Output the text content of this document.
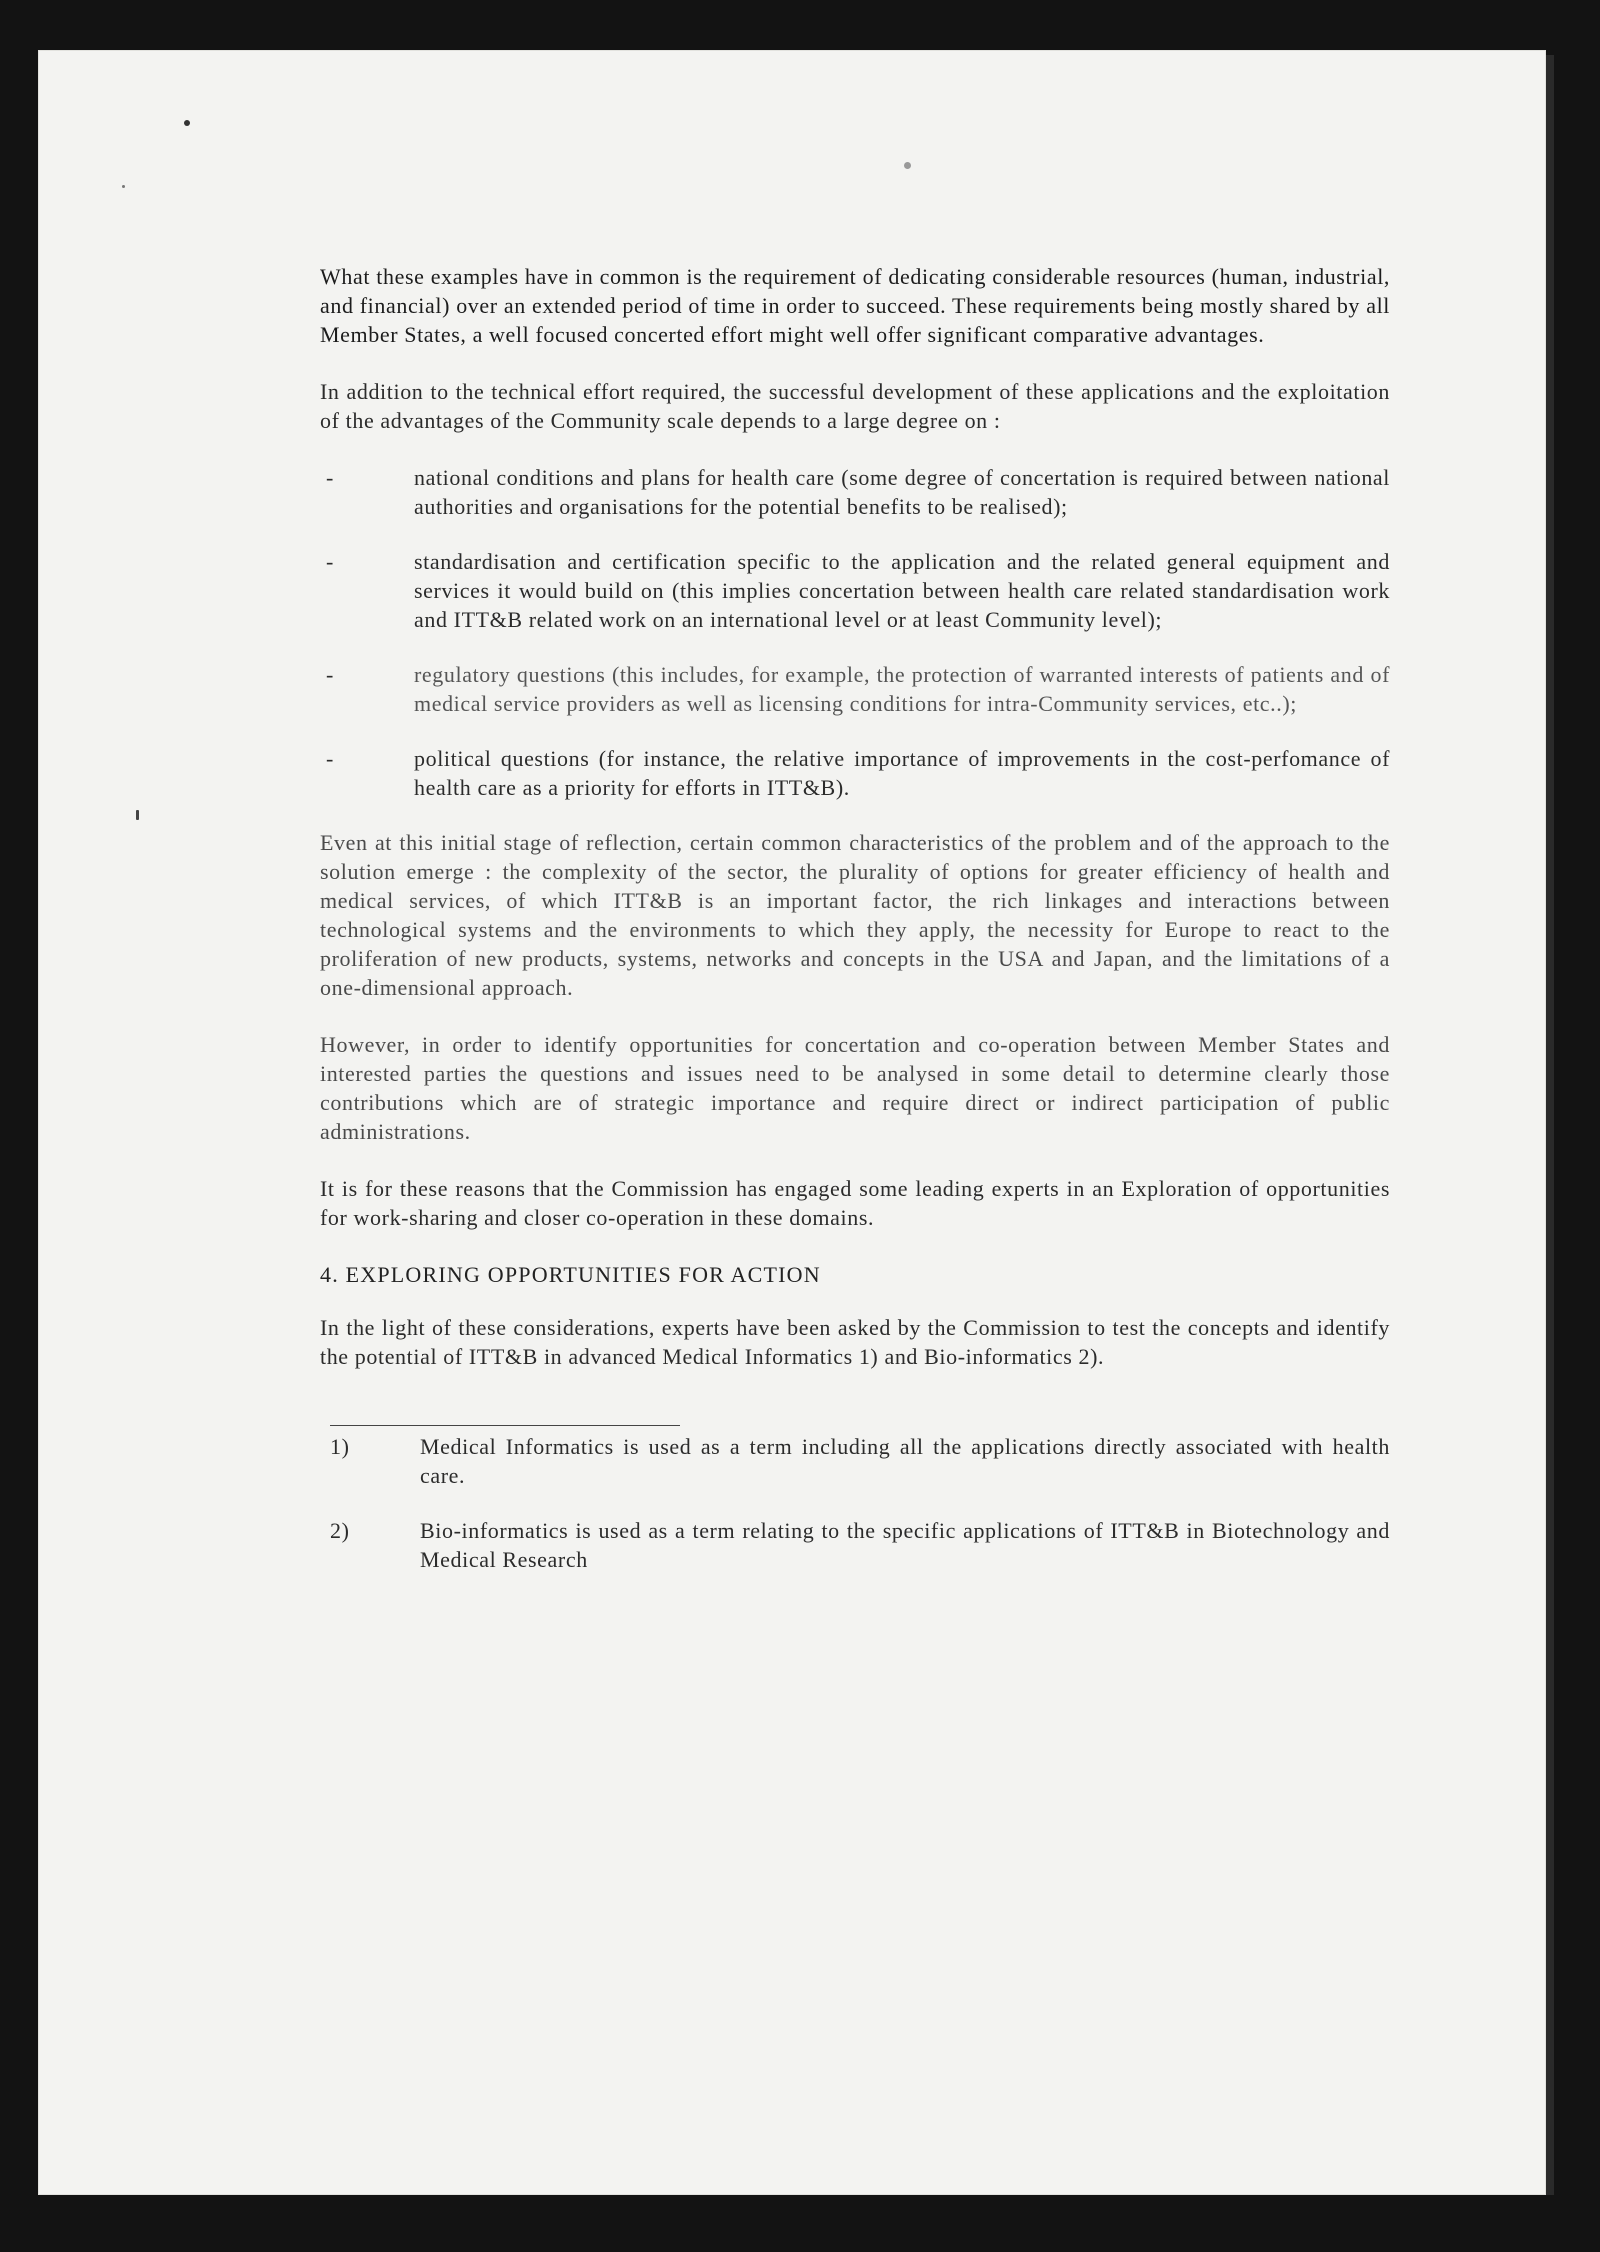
What these examples have in common is the requirement of dedicating considerable resources (human, industrial, and financial) over an extended period of time in order to succeed. These requirements being mostly shared by all Member States, a well focused concerted effort might well offer significant comparative advantages.

In addition to the technical effort required, the successful development of these applications and the exploitation of the advantages of the Community scale depends to a large degree on :

-	national conditions and plans for health care (some degree of concertation is required between national authorities and organisations for the potential benefits to be realised);
-	standardisation and certification specific to the application and the related general equipment and services it would build on (this implies concertation between health care related standardisation work and ITT&B related work on an international level or at least Community level);
-	regulatory questions (this includes, for example, the protection of warranted interests of patients and of medical service providers as well as licensing conditions for intra-Community services, etc..);
-	political questions (for instance, the relative importance of improvements in the cost-perfomance of health care as a priority for efforts in ITT&B).

Even at this initial stage of reflection, certain common characteristics of the problem and of the approach to the solution emerge : the complexity of the sector, the plurality of options for greater efficiency of health and medical services, of which ITT&B is an important factor, the rich linkages and interactions between technological systems and the environments to which they apply, the necessity for Europe to react to the proliferation of new products, systems, networks and concepts in the USA and Japan, and the limitations of a one-dimensional approach.

However, in order to identify opportunities for concertation and co-operation between Member States and interested parties the questions and issues need to be analysed in some detail to determine clearly those contributions which are of strategic importance and require direct or indirect participation of public administrations.

It is for these reasons that the Commission has engaged some leading experts in an Exploration of opportunities for work-sharing and closer co-operation in these domains.

4. EXPLORING OPPORTUNITIES FOR ACTION

In the light of these considerations, experts have been asked by the Commission to test the concepts and identify the potential of ITT&B in advanced Medical Informatics 1) and Bio-informatics 2).

1)	Medical Informatics is used as a term including all the applications directly associated with health care.
2)	Bio-informatics is used as a term relating to the specific applications of ITT&B in Biotechnology and Medical Research
